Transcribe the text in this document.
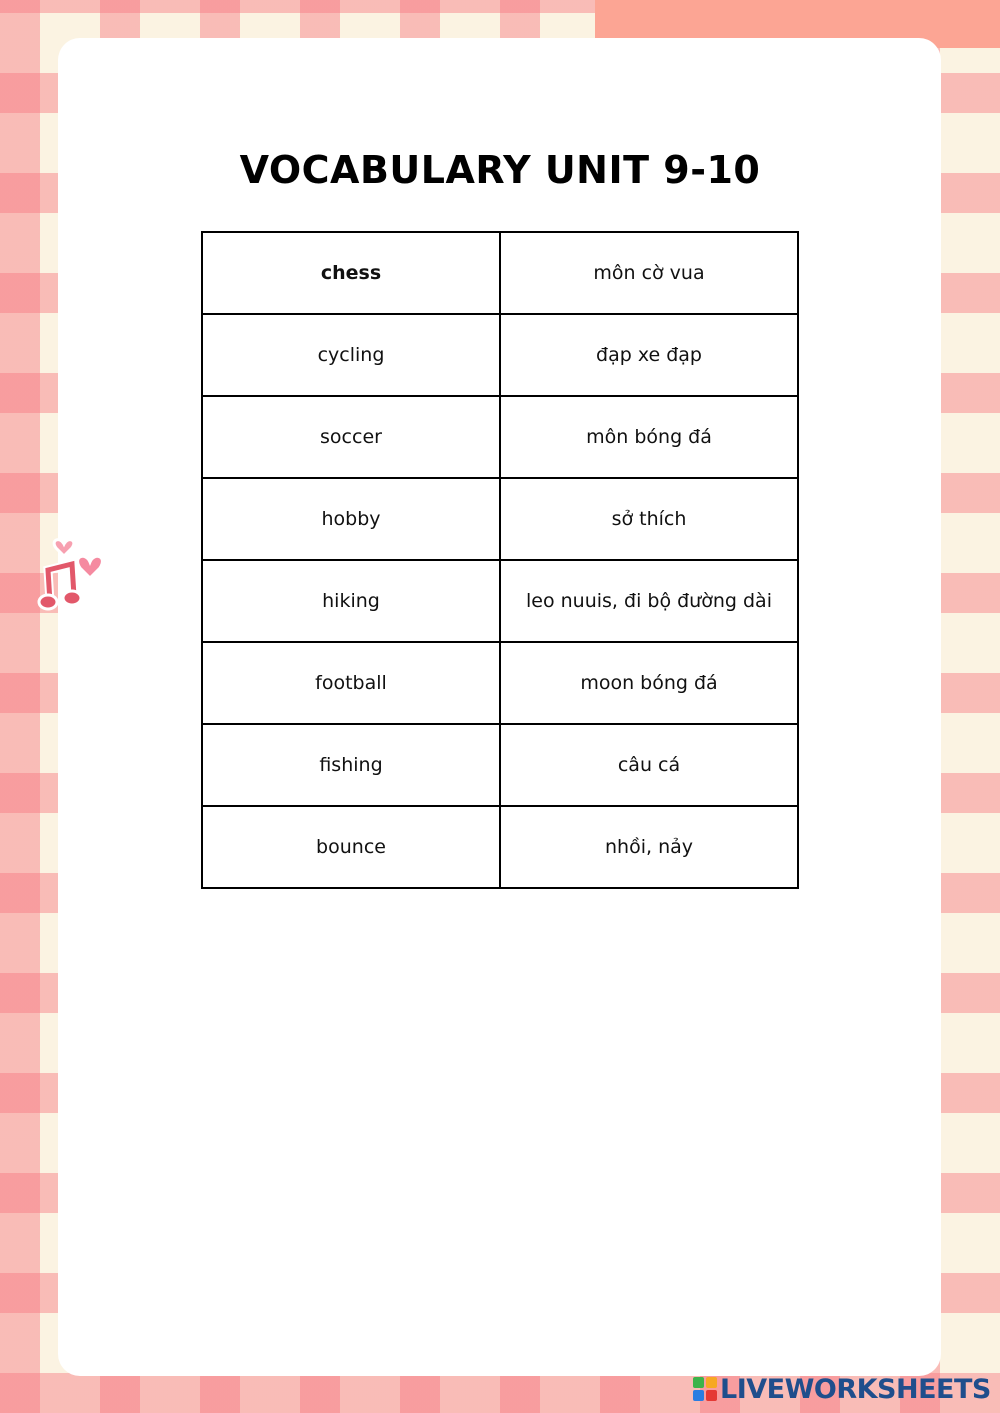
VOCABULARY UNIT 9-10
chess	môn cờ vua
cycling	đạp xe đạp
soccer	môn bóng đá
hobby	sở thích
hiking	leo nuuis, đi bộ đường dài
football	moon bóng đá
fishing	câu cá
bounce	nhồi, nảy
LIVEWORKSHEETS
